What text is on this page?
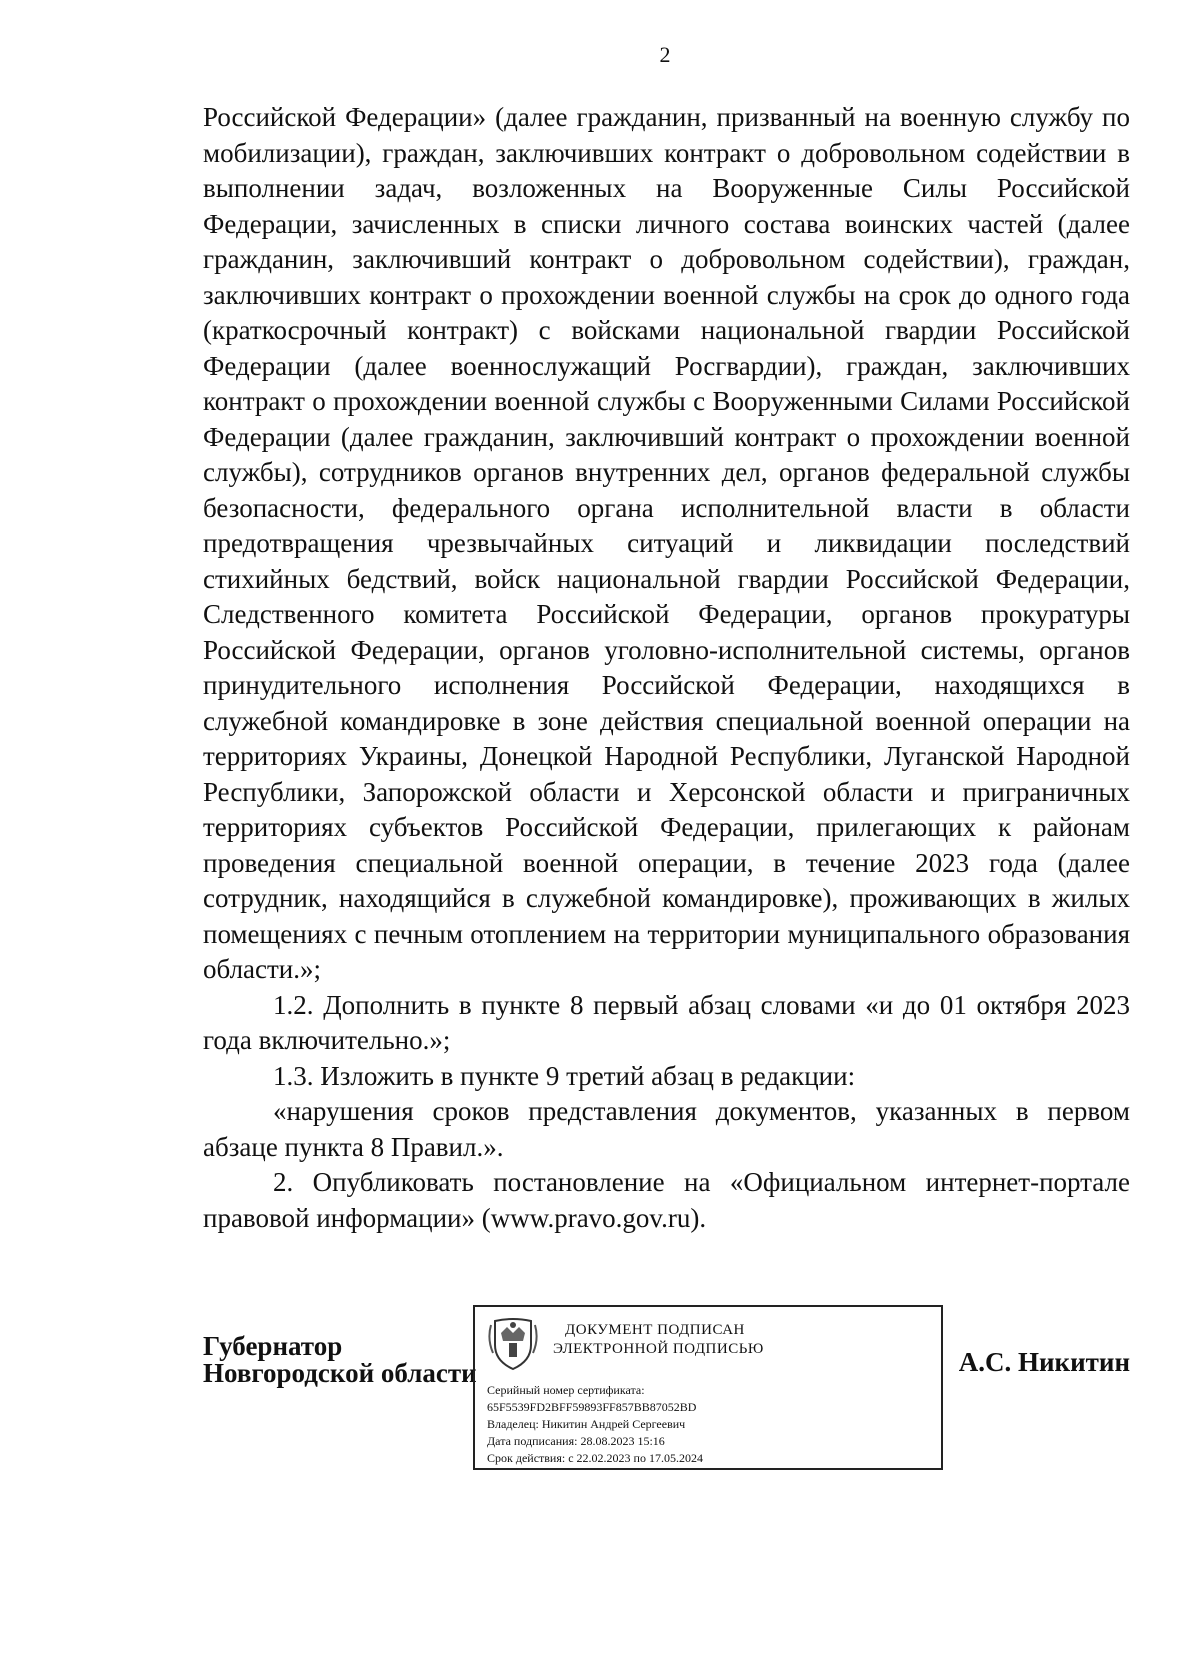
2

Российской Федерации» (далее гражданин, призванный на военную службу по мобилизации), граждан, заключивших контракт о добровольном содействии в выполнении задач, возложенных на Вооруженные Силы Российской Федерации, зачисленных в списки личного состава воинских частей (далее гражданин, заключивший контракт о добровольном содействии), граждан, заключивших контракт о прохождении военной службы на срок до одного года (краткосрочный контракт) с войсками национальной гвардии Российской Федерации (далее военнослужащий Росгвардии), граждан, заключивших контракт о прохождении военной службы с Вооруженными Силами Российской Федерации (далее гражданин, заключивший контракт о прохождении военной службы), сотрудников органов внутренних дел, органов федеральной службы безопасности, федерального органа исполнительной власти в области предотвращения чрезвычайных ситуаций и ликвидации последствий стихийных бедствий, войск национальной гвардии Российской Федерации, Следственного комитета Российской Федерации, органов прокуратуры Российской Федерации, органов уголовно-исполнительной системы, органов принудительного исполнения Российской Федерации, находящихся в служебной командировке в зоне действия специальной военной операции на территориях Украины, Донецкой Народной Республики, Луганской Народной Республики, Запорожской области и Херсонской области и приграничных территориях субъектов Российской Федерации, прилегающих к районам проведения специальной военной операции, в течение 2023 года (далее сотрудник, находящийся в служебной командировке), проживающих в жилых помещениях с печным отоплением на территории муниципального образования области.»;

1.2. Дополнить в пункте 8 первый абзац словами «и до 01 октября 2023 года включительно.»;

1.3. Изложить в пункте 9 третий абзац в редакции:

«нарушения сроков представления документов, указанных в первом абзаце пункта 8 Правил.».

2. Опубликовать постановление на «Официальном интернет-портале правовой информации» (www.pravo.gov.ru).

Губернатор
Новгородской области
ДОКУМЕНТ ПОДПИСАН
ЭЛЕКТРОННОЙ ПОДПИСЬЮ
Серийный номер сертификата:
65F5539FD2BFF59893FF857BB87052BD
Владелец: Никитин Андрей Сергеевич
Дата подписания: 28.08.2023 15:16
Срок действия: с 22.02.2023 по 17.05.2024
А.С. Никитин
